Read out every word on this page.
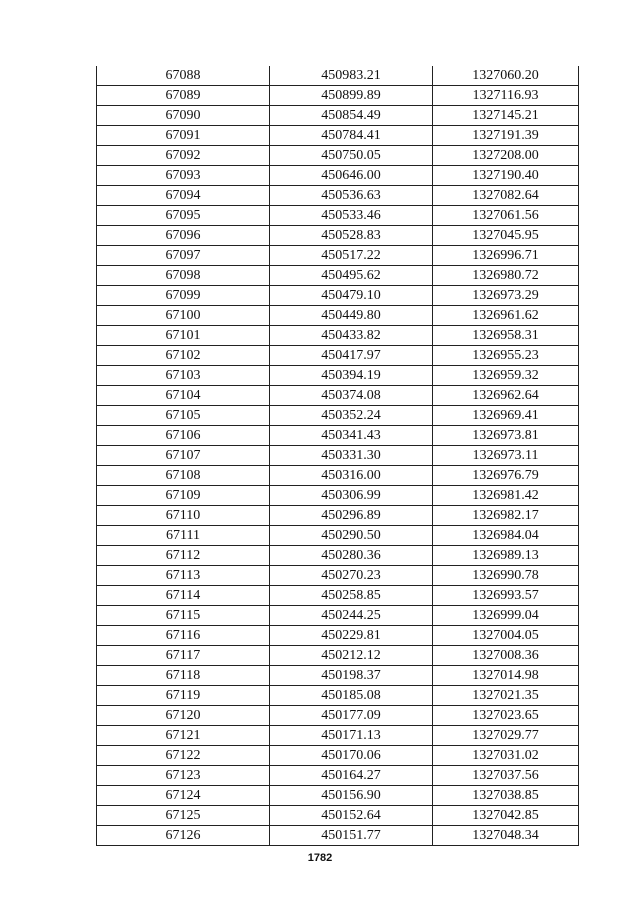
67088	450983.21	1327060.20
67089	450899.89	1327116.93
67090	450854.49	1327145.21
67091	450784.41	1327191.39
67092	450750.05	1327208.00
67093	450646.00	1327190.40
67094	450536.63	1327082.64
67095	450533.46	1327061.56
67096	450528.83	1327045.95
67097	450517.22	1326996.71
67098	450495.62	1326980.72
67099	450479.10	1326973.29
67100	450449.80	1326961.62
67101	450433.82	1326958.31
67102	450417.97	1326955.23
67103	450394.19	1326959.32
67104	450374.08	1326962.64
67105	450352.24	1326969.41
67106	450341.43	1326973.81
67107	450331.30	1326973.11
67108	450316.00	1326976.79
67109	450306.99	1326981.42
67110	450296.89	1326982.17
67111	450290.50	1326984.04
67112	450280.36	1326989.13
67113	450270.23	1326990.78
67114	450258.85	1326993.57
67115	450244.25	1326999.04
67116	450229.81	1327004.05
67117	450212.12	1327008.36
67118	450198.37	1327014.98
67119	450185.08	1327021.35
67120	450177.09	1327023.65
67121	450171.13	1327029.77
67122	450170.06	1327031.02
67123	450164.27	1327037.56
67124	450156.90	1327038.85
67125	450152.64	1327042.85
67126	450151.77	1327048.34
1782
